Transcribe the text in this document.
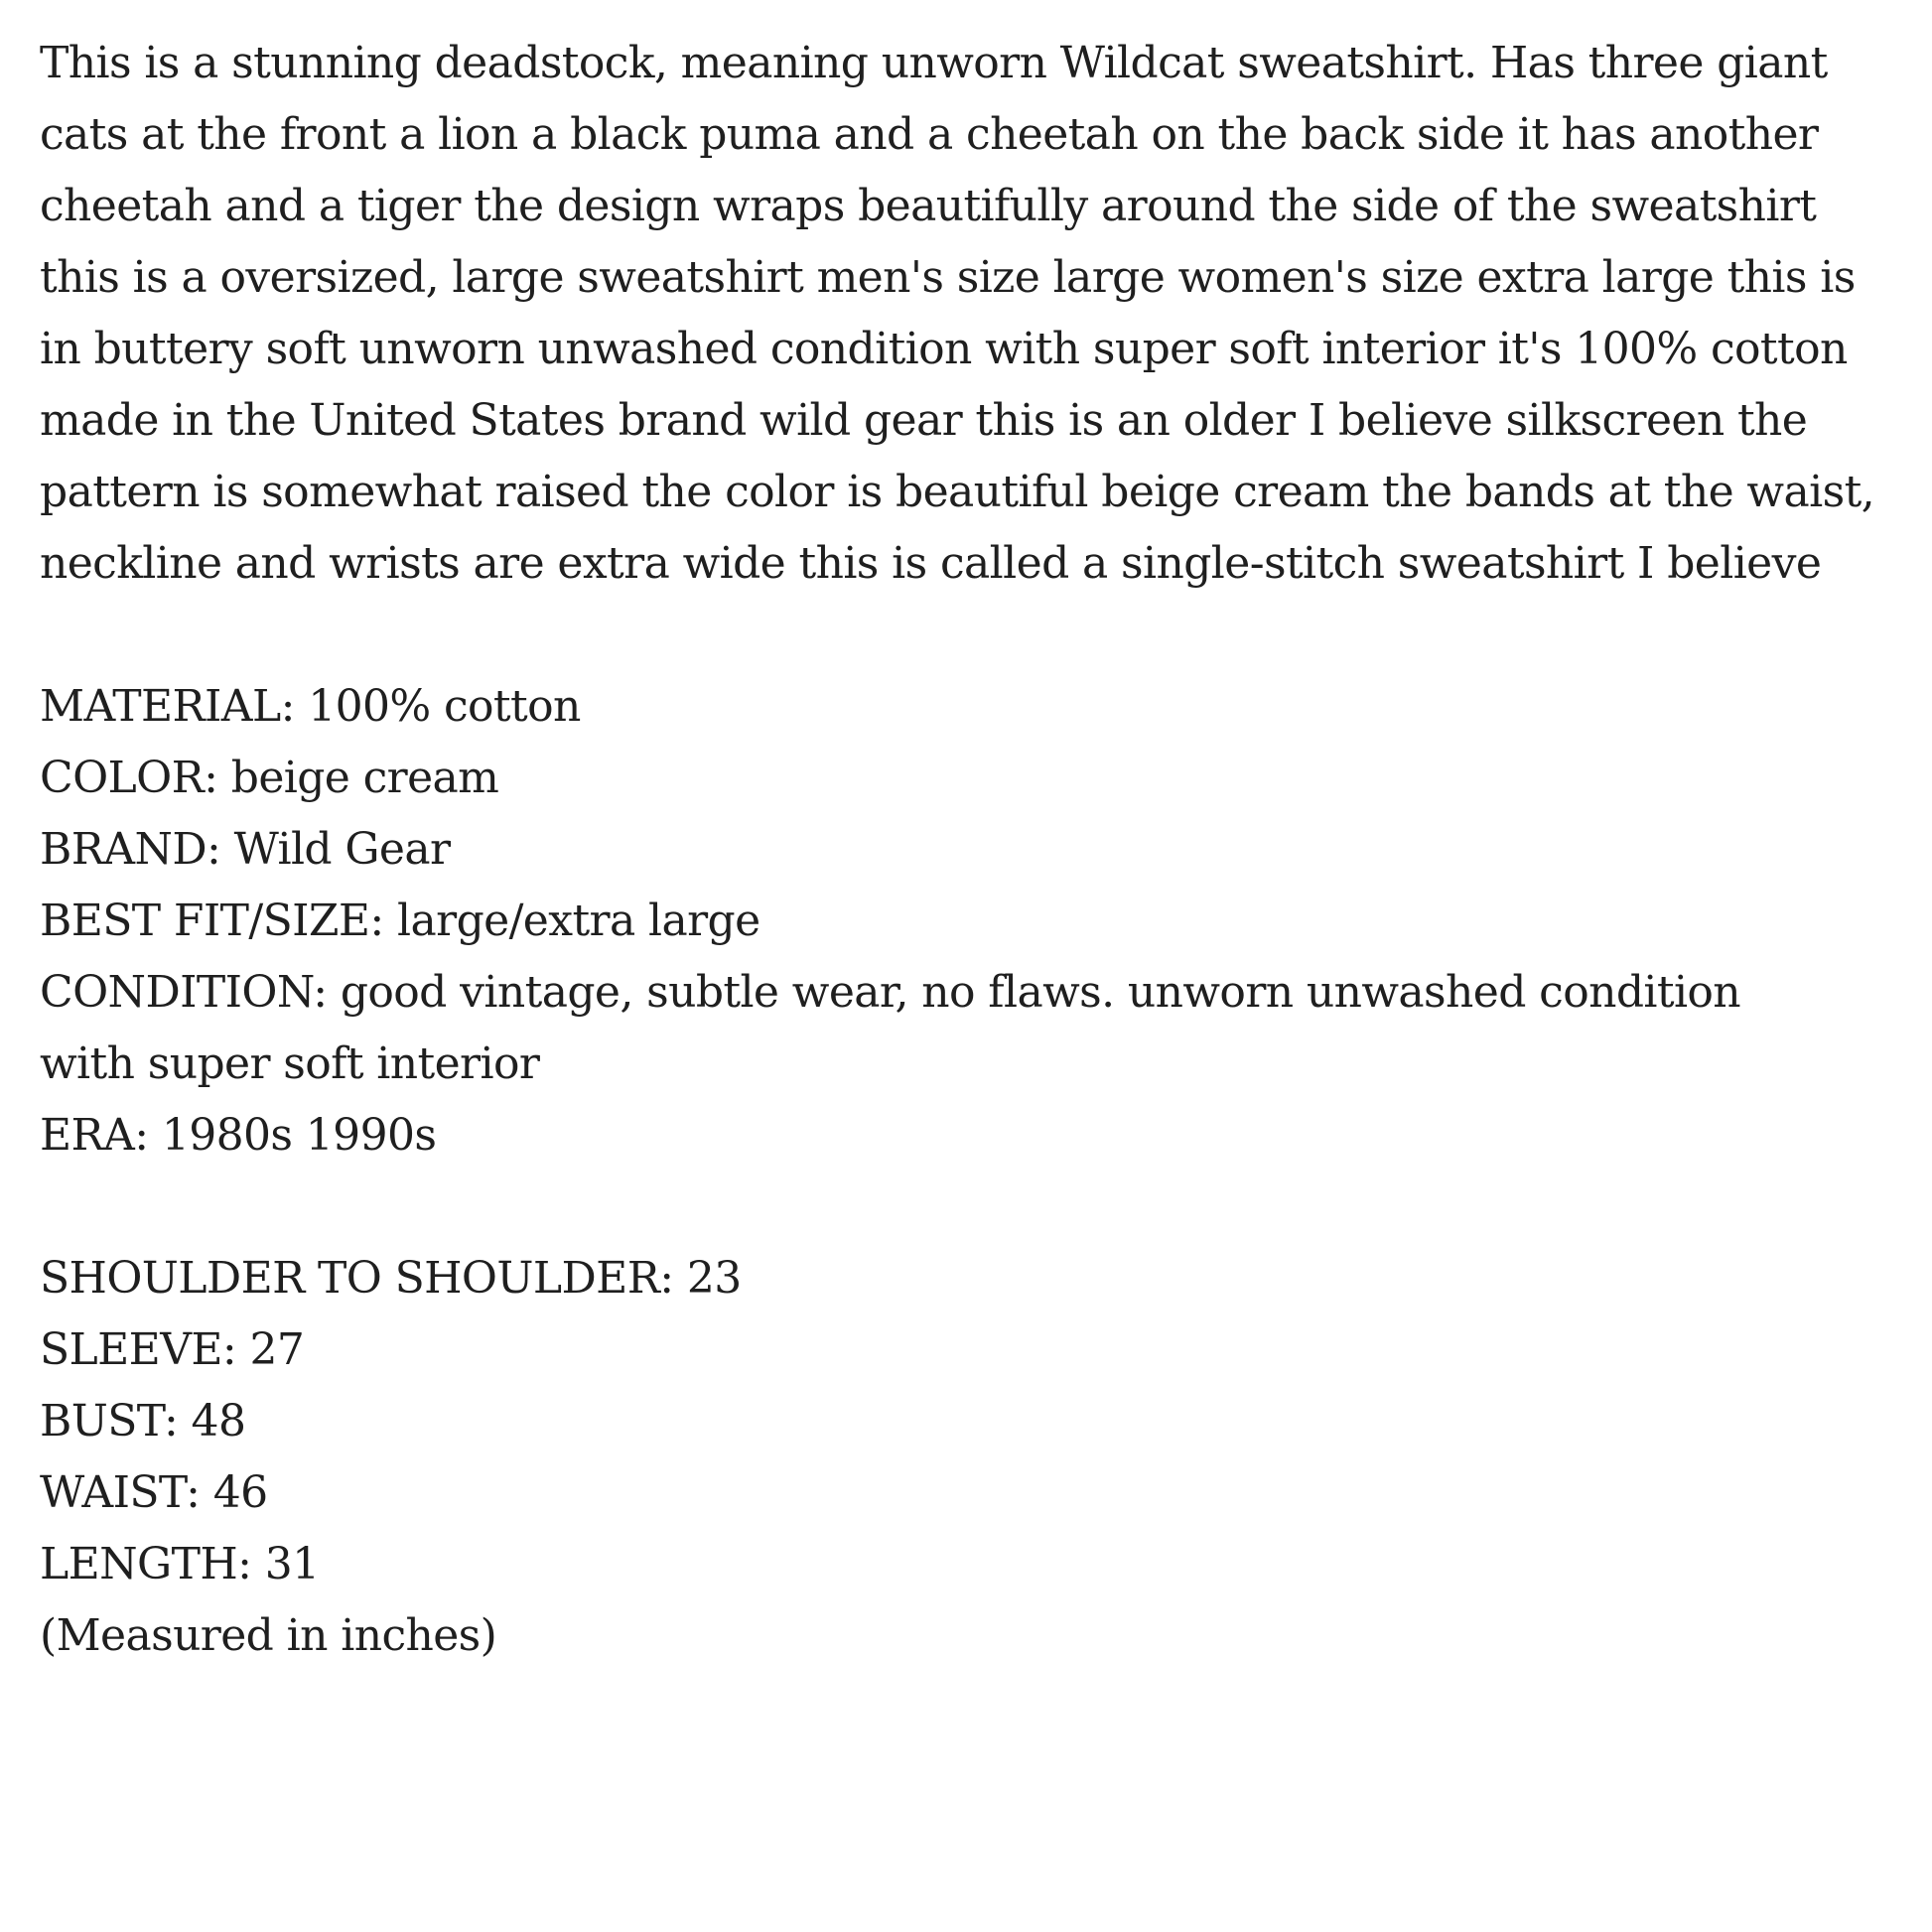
This is a stunning deadstock, meaning unworn Wildcat sweatshirt. Has three giant
cats at the front a lion a black puma and a cheetah on the back side it has another
cheetah and a tiger the design wraps beautifully around the side of the sweatshirt
this is a oversized, large sweatshirt men's size large women's size extra large this is
in buttery soft unworn unwashed condition with super soft interior it's 100% cotton
made in the United States brand wild gear this is an older I believe silkscreen the
pattern is somewhat raised the color is beautiful beige cream the bands at the waist,
neckline and wrists are extra wide this is called a single-stitch sweatshirt I believe
MATERIAL: 100% cotton
COLOR: beige cream
BRAND: Wild Gear
BEST FIT/SIZE: large/extra large
CONDITION: good vintage, subtle wear, no flaws. unworn unwashed condition
with super soft interior
ERA: 1980s 1990s
SHOULDER TO SHOULDER: 23
SLEEVE: 27
BUST: 48
WAIST: 46
LENGTH: 31
(Measured in inches)
